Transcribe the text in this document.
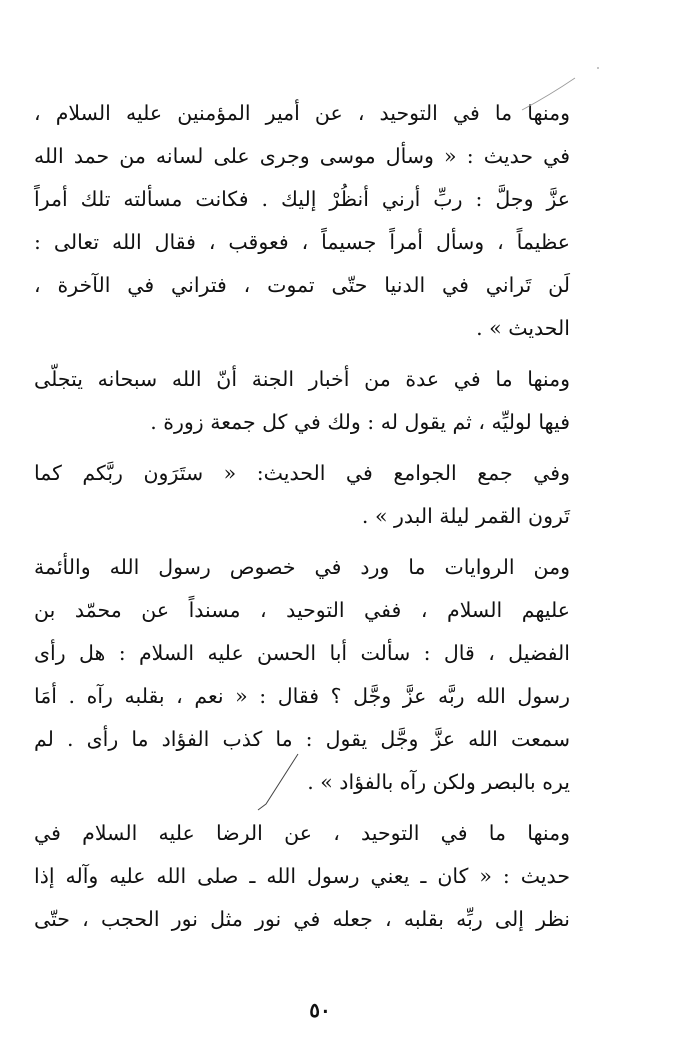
ومنها ما في التوحيد ، عن أمير المؤمنين عليه السلام ،
في حديث : « وسأل موسى وجرى على لسانه من حمد الله
عزَّ وجلَّ : ربِّ أرني أنظُرْ إليك . فكانت مسألته تلك أمراً
عظيماً ، وسأل أمراً جسيماً ، فعوقب ، فقال الله تعالى :
لَن تَراني في الدنيا حتّى تموت ، فتراني في الآخرة ،
الحديث » .
ومنها ما في عدة من أخبار الجنة أنّ الله سبحانه يتجلّى
فيها لوليِّه ، ثم يقول له : ولك في كل جمعة زورة .
وفي جمع الجوامع في الحديث: « ستَرَون ربَّكم كما
تَرون القمر ليلة البدر » .
ومن الروايات ما ورد في خصوص رسول الله والأئمة
عليهم السلام ، ففي التوحيد ، مسنداً عن محمّد بن
الفضيل ، قال : سألت أبا الحسن عليه السلام : هل رأى
رسول الله ربَّه عزَّ وجَّل ؟ فقال : « نعم ، بقلبه رآه . أمَا
سمعت الله عزَّ وجَّل يقول : ما كذب الفؤاد ما رأى . لم
يره بالبصر ولكن رآه بالفؤاد » .
ومنها ما في التوحيد ، عن الرضا عليه السلام في
حديث : « كان ـ يعني رسول الله ـ صلى الله عليه وآله إذا
نظر إلى ربِّه بقلبه ، جعله في نور مثل نور الحجب ، حتّى
٥٠
